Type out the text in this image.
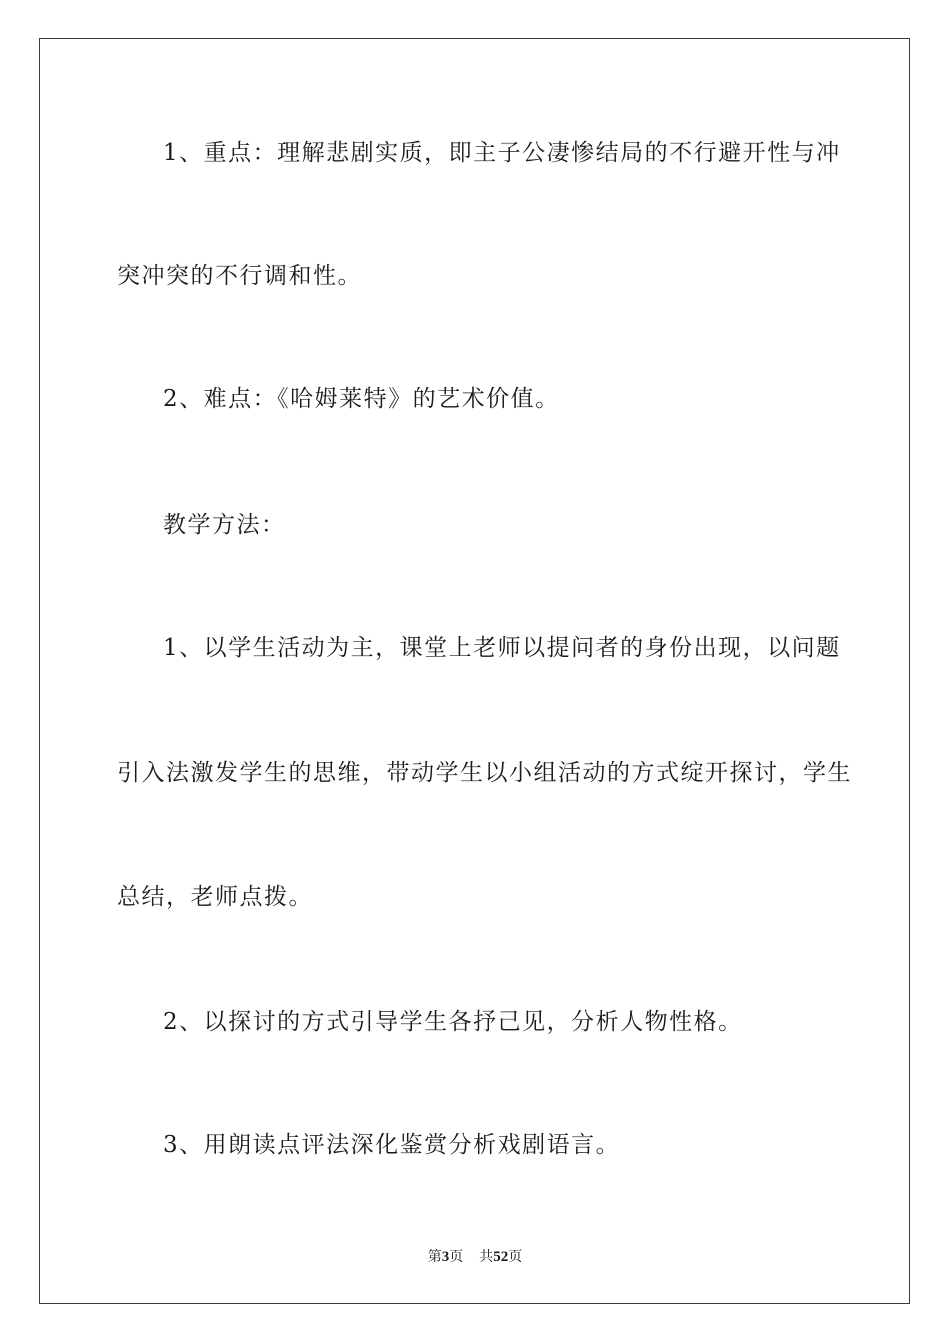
1、重点：理解悲剧实质，即主子公凄惨结局的不行避开性与冲
突冲突的不行调和性。
2、难点：《哈姆莱特》的艺术价值。
教学方法：
1、以学生活动为主，课堂上老师以提问者的身份出现，以问题
引入法激发学生的思维，带动学生以小组活动的方式绽开探讨，学生
总结，老师点拨。
2、以探讨的方式引导学生各抒己见，分析人物性格。
3、用朗读点评法深化鉴赏分析戏剧语言。
第3页 共52页
